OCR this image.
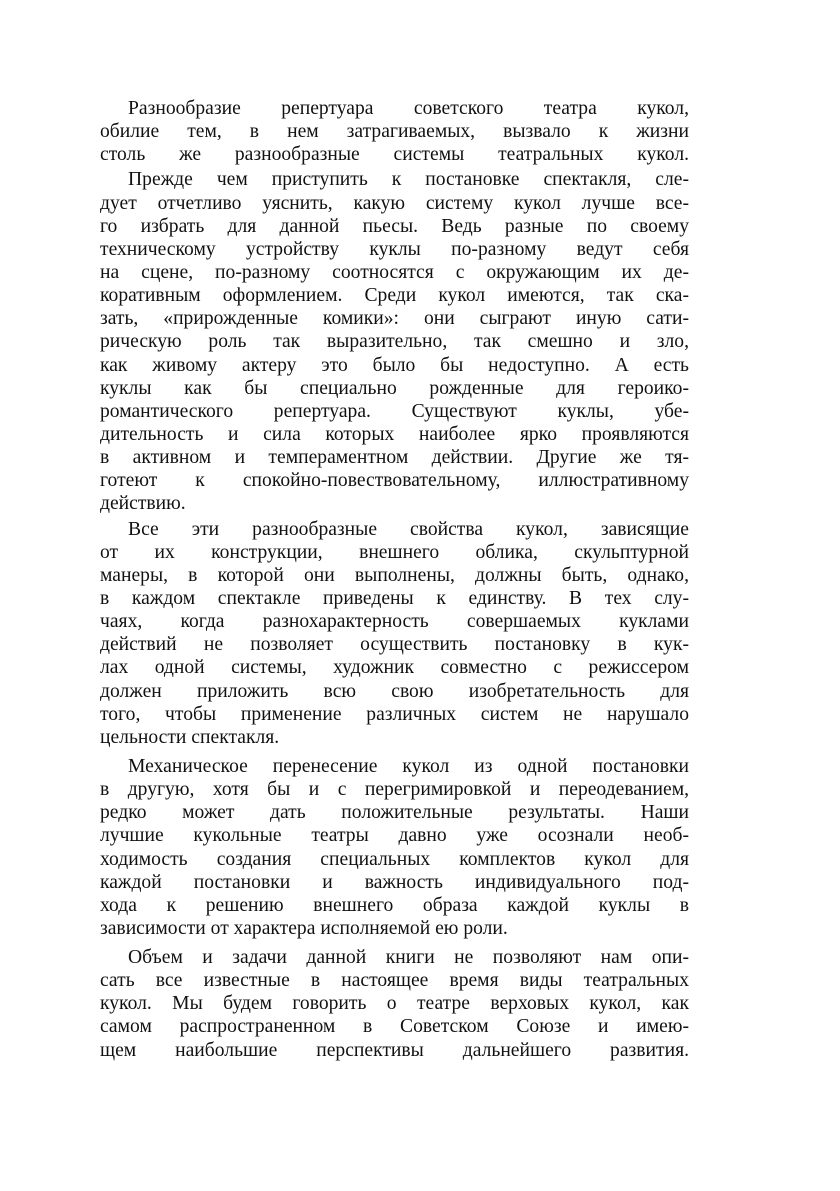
Разнообразие репертуара советского театра кукол,
обилие тем, в нем затрагиваемых, вызвало к жизни
столь же разнообразные системы театральных кукол.
Прежде чем приступить к постановке спектакля, сле-
дует отчетливо уяснить, какую систему кукол лучше все-
го избрать для данной пьесы. Ведь разные по своему
техническому устройству куклы по-разному ведут себя
на сцене, по-разному соотносятся с окружающим их де-
коративным оформлением. Среди кукол имеются, так ска-
зать, «прирожденные комики»: они сыграют иную сати-
рическую роль так выразительно, так смешно и зло,
как живому актеру это было бы недоступно. А есть
куклы как бы специально рожденные для героико-
романтического репертуара. Существуют куклы, убе-
дительность и сила которых наиболее ярко проявляются
в активном и темпераментном действии. Другие же тя-
готеют к спокойно-повествовательному, иллюстративному
действию.
Все эти разнообразные свойства кукол, зависящие
от их конструкции, внешнего облика, скульптурной
манеры, в которой они выполнены, должны быть, однако,
в каждом спектакле приведены к единству. В тех слу-
чаях, когда разнохарактерность совершаемых куклами
действий не позволяет осуществить постановку в кук-
лах одной системы, художник совместно с режиссером
должен приложить всю свою изобретательность для
того, чтобы применение различных систем не нарушало
цельности спектакля.
Механическое перенесение кукол из одной постановки
в другую, хотя бы и с перегримировкой и переодеванием,
редко может дать положительные результаты. Наши
лучшие кукольные театры давно уже осознали необ-
ходимость создания специальных комплектов кукол для
каждой постановки и важность индивидуального под-
хода к решению внешнего образа каждой куклы в
зависимости от характера исполняемой ею роли.
Объем и задачи данной книги не позволяют нам опи-
сать все известные в настоящее время виды театральных
кукол. Мы будем говорить о театре верховых кукол, как
самом распространенном в Советском Союзе и имею-
щем наибольшие перспективы дальнейшего развития.
